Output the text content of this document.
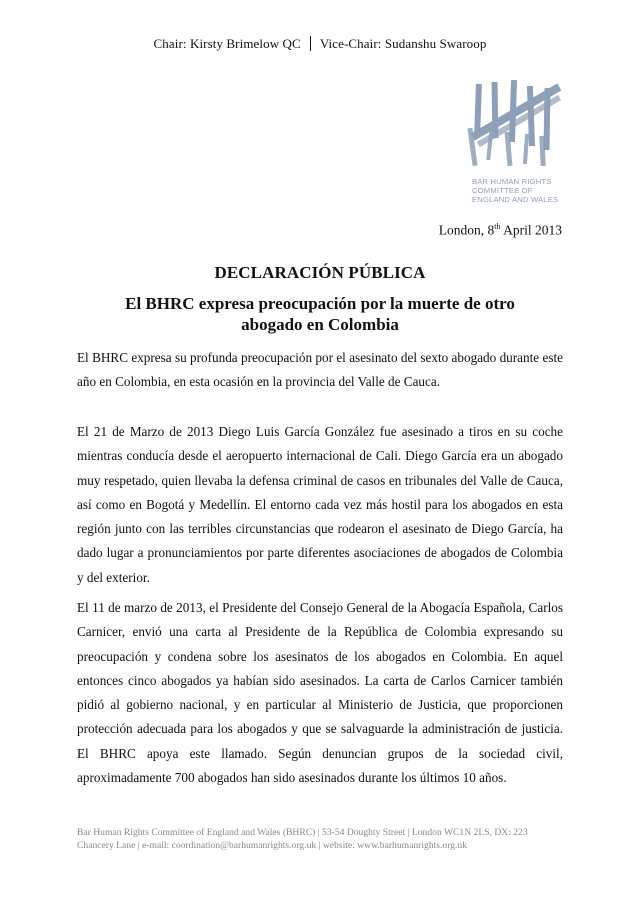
Chair: Kirsty Brimelow QC Vice-Chair: Sudanshu Swaroop
BAR HUMAN RIGHTS
COMMITTEE OF
ENGLAND AND WALES
London, 8th April 2013
DECLARACIÓN PÚBLICA
El BHRC expresa preocupación por la muerte de otro abogado en Colombia
El BHRC expresa su profunda preocupación por el asesinato del sexto abogado durante este año en Colombia, en esta ocasión en la provincia del Valle de Cauca.
El 21 de Marzo de 2013 Diego Luis García González fue asesinado a tiros en su coche mientras conducía desde el aeropuerto internacional de Cali. Diego García era un abogado muy respetado, quien llevaba la defensa criminal de casos en tribunales del Valle de Cauca, así como en Bogotá y Medellín. El entorno cada vez más hostil para los abogados en esta región junto con las terribles circunstancias que rodearon el asesinato de Diego García, ha dado lugar a pronunciamientos por parte diferentes asociaciones de abogados de Colombia y del exterior.
El 11 de marzo de 2013, el Presidente del Consejo General de la Abogacía Española, Carlos Carnicer, envió una carta al Presidente de la República de Colombia expresando su preocupación y condena sobre los asesinatos de los abogados en Colombia. En aquel entonces cinco abogados ya habían sido asesinados. La carta de Carlos Carnicer también pidió al gobierno nacional, y en particular al Ministerio de Justicia, que proporcionen protección adecuada para los abogados y que se salvaguarde la administración de justicia. El BHRC apoya este llamado. Según denuncian grupos de la sociedad civil, aproximadamente 700 abogados han sido asesinados durante los últimos 10 años.
Bar Human Rights Committee of England and Wales (BHRC) | 53-54 Doughty Street | London WC1N 2LS, DX: 223
Chancery Lane | e-mail: coordination@barhumanrights.org.uk | website: www.barhumanrights.org.uk
